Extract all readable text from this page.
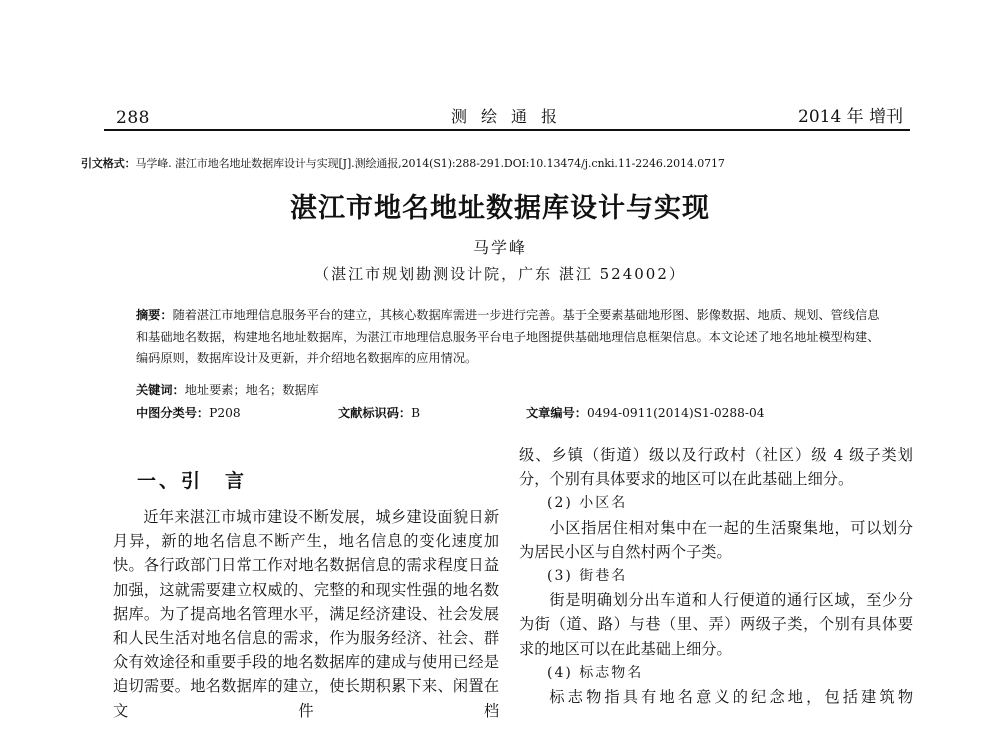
288	测绘通报	2014 年 增刊
引文格式：马学峰. 湛江市地名地址数据库设计与实现[J].测绘通报,2014(S1):288-291.DOI:10.13474/j.cnki.11-2246.2014.0717
湛江市地名地址数据库设计与实现
马学峰
（湛江市规划勘测设计院，广东 湛江 524002）
摘要：随着湛江市地理信息服务平台的建立，其核心数据库需进一步进行完善。基于全要素基础地形图、影像数据、地质、规划、管线信息和基础地名数据，构建地名地址数据库，为湛江市地理信息服务平台电子地图提供基础地理信息框架信息。本文论述了地名地址模型构建、编码原则，数据库设计及更新，并介绍地名数据库的应用情况。
关键词：地址要素；地名；数据库
中图分类号：P208	文献标识码：B	文章编号：0494-0911(2014)S1-0288-04
一、引　言

近年来湛江市城市建设不断发展，城乡建设面貌日新月异，新的地名信息不断产生，地名信息的变化速度加快。各行政部门日常工作对地名数据信息的需求程度日益加强，这就需要建立权威的、完整的和现实性强的地名数据库。为了提高地名管理水平，满足经济建设、社会发展和人民生活对地名信息的需求，作为服务经济、社会、群众有效途径和重要手段的地名数据库的建成与使用已经是迫切需要。地名数据库的建立，使长期积累下来、闲置在文件档

级、乡镇（街道）级以及行政村（社区）级 4 级子类划分，个别有具体要求的地区可以在此基础上细分。

(2) 小区名

小区指居住相对集中在一起的生活聚集地，可以划分为居民小区与自然村两个子类。

(3) 街巷名

街是明确划分出车道和人行便道的通行区域，至少分为街（道、路）与巷（里、弄）两级子类，个别有具体要求的地区可以在此基础上细分。

(4) 标志物名

标志物指具有地名意义的纪念地，包括建筑物
